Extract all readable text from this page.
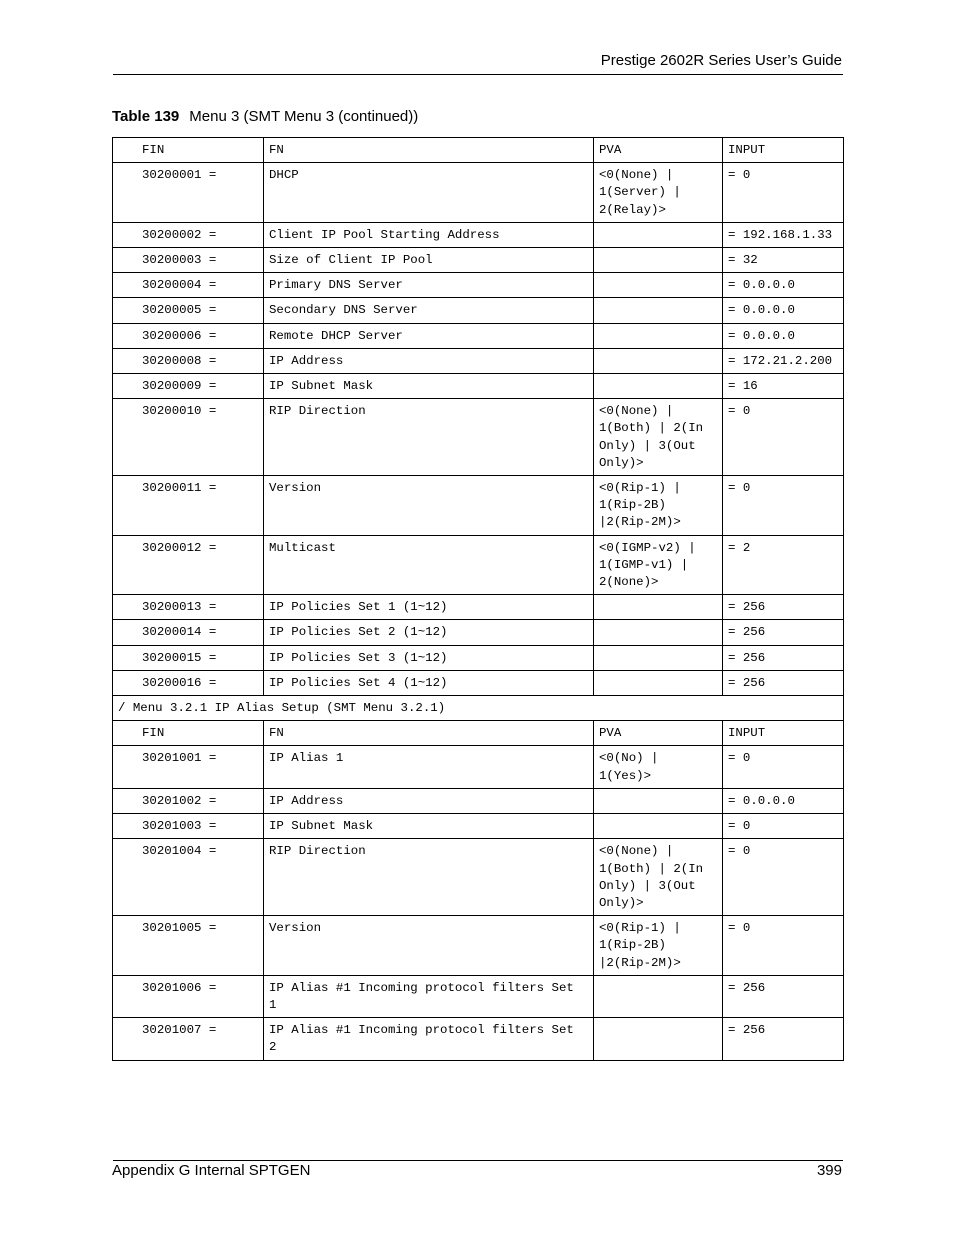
Prestige 2602R Series User’s Guide
Table 139 Menu 3 (SMT Menu 3 (continued))
FIN	FN	PVA	INPUT
30200001 =	DHCP	<0(None) | 1(Server) | 2(Relay)>	= 0
30200002 =	Client IP Pool Starting Address		= 192.168.1.33
30200003 =	Size of Client IP Pool		= 32
30200004 =	Primary DNS Server		= 0.0.0.0
30200005 =	Secondary DNS Server		= 0.0.0.0
30200006 =	Remote DHCP Server		= 0.0.0.0
30200008 =	IP Address		= 172.21.2.200
30200009 =	IP Subnet Mask		= 16
30200010 =	RIP Direction	<0(None) | 1(Both) | 2(In Only) | 3(Out Only)>	= 0
30200011 =	Version	<0(Rip-1) | 1(Rip-2B) |2(Rip-2M)>	= 0
30200012 =	Multicast	<0(IGMP-v2) | 1(IGMP-v1) | 2(None)>	= 2
30200013 =	IP Policies Set 1 (1~12)		= 256
30200014 =	IP Policies Set 2 (1~12)		= 256
30200015 =	IP Policies Set 3 (1~12)		= 256
30200016 =	IP Policies Set 4 (1~12)		= 256
/ Menu 3.2.1 IP Alias Setup (SMT Menu 3.2.1)			
FIN	FN	PVA	INPUT
30201001 =	IP Alias 1	<0(No) | 1(Yes)>	= 0
30201002 =	IP Address		= 0.0.0.0
30201003 =	IP Subnet Mask		= 0
30201004 =	RIP Direction	<0(None) | 1(Both) | 2(In Only) | 3(Out Only)>	= 0
30201005 =	Version	<0(Rip-1) | 1(Rip-2B) |2(Rip-2M)>	= 0
30201006 =	IP Alias #1 Incoming protocol filters Set 1		= 256
30201007 =	IP Alias #1 Incoming protocol filters Set 2		= 256
Appendix G Internal SPTGEN	399
